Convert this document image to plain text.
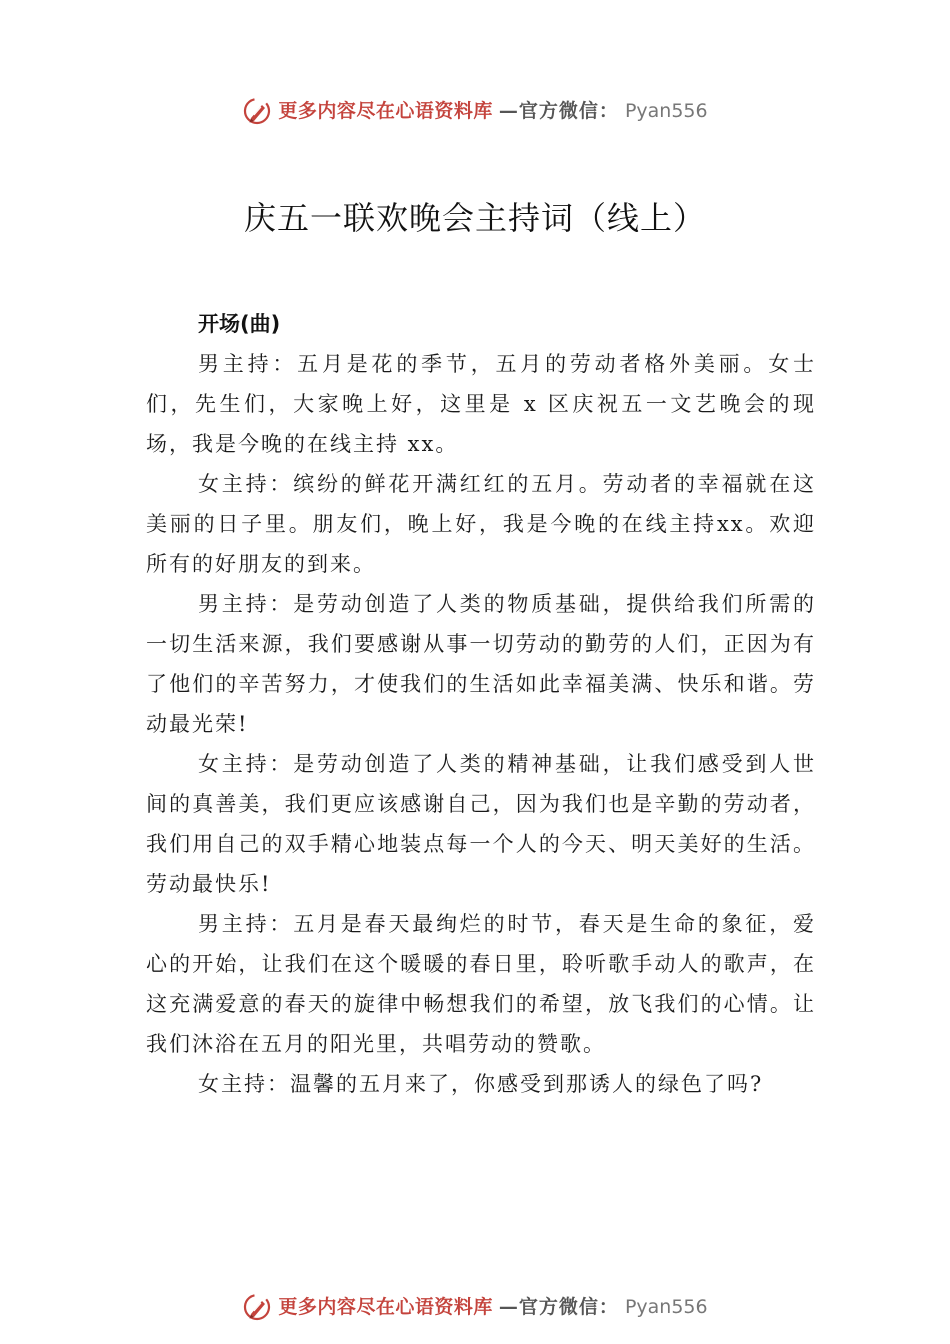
更多内容尽在心语资料库 —官方微信： Pyan556
庆五一联欢晚会主持词（线上）

开场(曲)

男主持：五月是花的季节，五月的劳动者格外美丽。女士们，先生们，大家晚上好，这里是 x 区庆祝五一文艺晚会的现场，我是今晚的在线主持 xx。

女主持：缤纷的鲜花开满红红的五月。劳动者的幸福就在这美丽的日子里。朋友们，晚上好，我是今晚的在线主持xx。欢迎所有的好朋友的到来。

男主持：是劳动创造了人类的物质基础，提供给我们所需的一切生活来源，我们要感谢从事一切劳动的勤劳的人们，正因为有了他们的辛苦努力，才使我们的生活如此幸福美满、快乐和谐。劳动最光荣!

女主持：是劳动创造了人类的精神基础，让我们感受到人世间的真善美，我们更应该感谢自己，因为我们也是辛勤的劳动者，我们用自己的双手精心地装点每一个人的今天、明天美好的生活。劳动最快乐!

男主持：五月是春天最绚烂的时节，春天是生命的象征，爱心的开始，让我们在这个暖暖的春日里，聆听歌手动人的歌声，在这充满爱意的春天的旋律中畅想我们的希望，放飞我们的心情。让我们沐浴在五月的阳光里，共唱劳动的赞歌。

女主持：温馨的五月来了，你感受到那诱人的绿色了吗?

更多内容尽在心语资料库 —官方微信： Pyan556
